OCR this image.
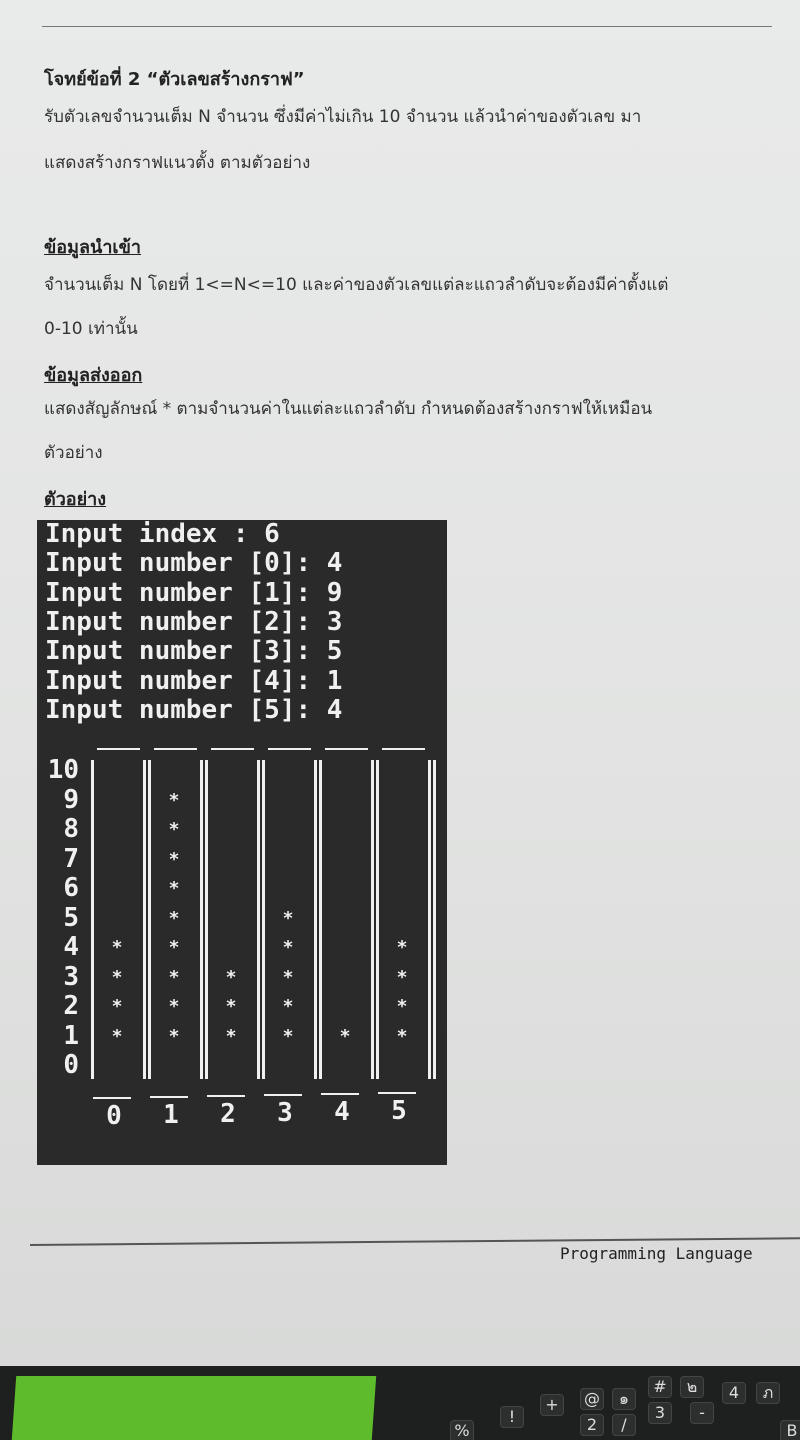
โจทย์ข้อที่ 2 “ตัวเลขสร้างกราฟ”
รับตัวเลขจำนวนเต็ม N จำนวน ซึ่งมีค่าไม่เกิน 10 จำนวน แล้วนำค่าของตัวเลข มา
แสดงสร้างกราฟแนวตั้ง ตามตัวอย่าง
ข้อมูลนำเข้า
จำนวนเต็ม N โดยที่ 1<=N<=10 และค่าของตัวเลขแต่ละแถวลำดับจะต้องมีค่าตั้งแต่
0-10 เท่านั้น
ข้อมูลส่งออก
แสดงสัญลักษณ์ * ตามจำนวนค่าในแต่ละแถวลำดับ กำหนดต้องสร้างกราฟให้เหมือน
ตัวอย่าง
ตัวอย่าง
Input index : 6
Input number [0]: 4
Input number [1]: 9
Input number [2]: 3
Input number [3]: 5
Input number [4]: 1
Input number [5]: 4
10
9
8
7
6
5
4
3
2
1
0
*
*
*
*
*
*
*
*
*
*
*
*
*
*
*
*
*
*
*
*
*
*	*
*
*
*
0 1 2 3 4 5
Programming Language
%
!
+	@	๑
2	/
#	๒
3	-
4	ภ
B
